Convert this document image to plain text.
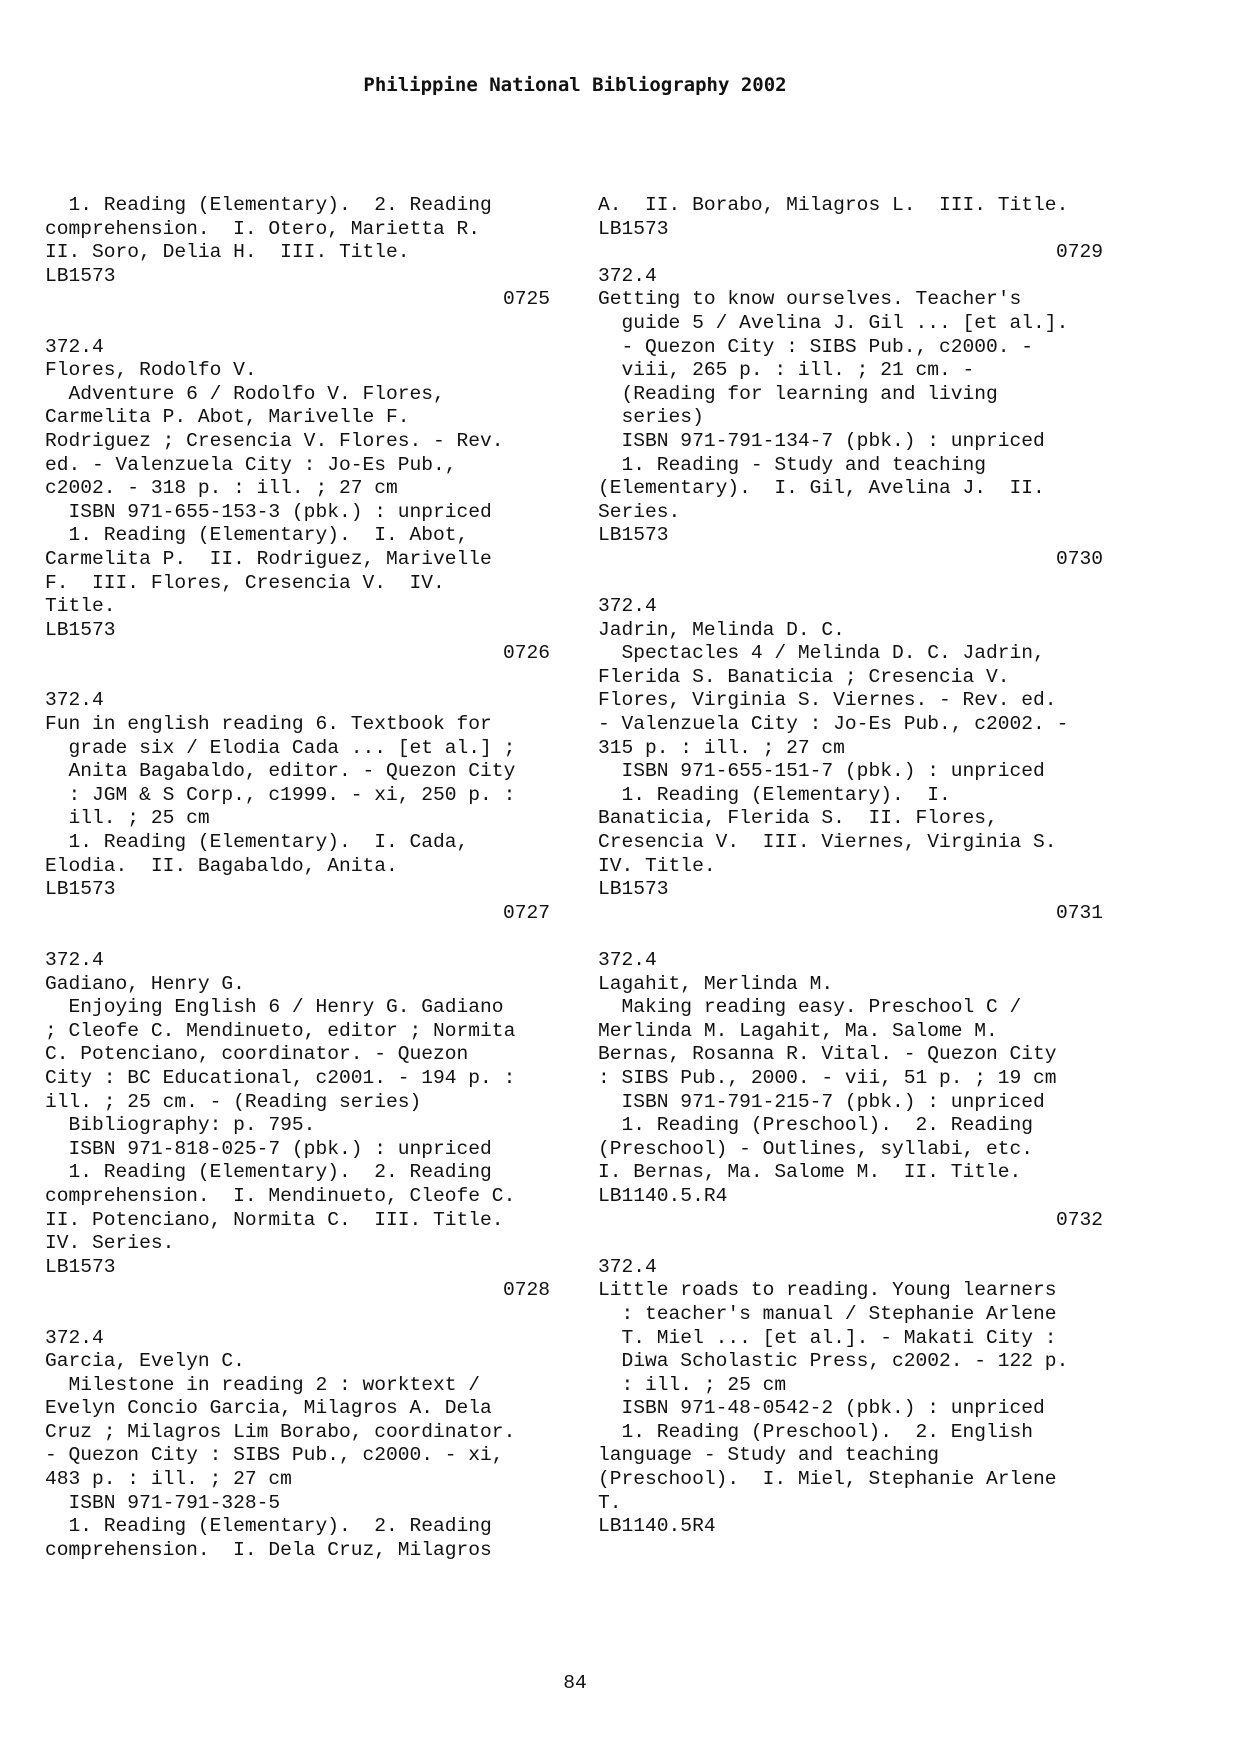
Philippine National Bibliography 2002
1. Reading (Elementary).  2. Reading
comprehension.  I. Otero, Marietta R.
II. Soro, Delia H.  III. Title.
LB1573
0725
372.4
Flores, Rodolfo V.
Adventure 6 / Rodolfo V. Flores,
Carmelita P. Abot, Marivelle F.
Rodriguez ; Cresencia V. Flores. - Rev.
ed. - Valenzuela City : Jo-Es Pub.,
c2002. - 318 p. : ill. ; 27 cm
ISBN 971-655-153-3 (pbk.) : unpriced
1. Reading (Elementary).  I. Abot,
Carmelita P.  II. Rodriguez, Marivelle
F.  III. Flores, Cresencia V.  IV.
Title.
LB1573
0726
372.4
Fun in english reading 6. Textbook for
grade six / Elodia Cada ... [et al.] ;
Anita Bagabaldo, editor. - Quezon City
: JGM & S Corp., c1999. - xi, 250 p. :
ill. ; 25 cm
1. Reading (Elementary).  I. Cada,
Elodia.  II. Bagabaldo, Anita.
LB1573
0727
372.4
Gadiano, Henry G.
Enjoying English 6 / Henry G. Gadiano
; Cleofe C. Mendinueto, editor ; Normita
C. Potenciano, coordinator. - Quezon
City : BC Educational, c2001. - 194 p. :
ill. ; 25 cm. - (Reading series)
Bibliography: p. 795.
ISBN 971-818-025-7 (pbk.) : unpriced
1. Reading (Elementary).  2. Reading
comprehension.  I. Mendinueto, Cleofe C.
II. Potenciano, Normita C.  III. Title.
IV. Series.
LB1573
0728
372.4
Garcia, Evelyn C.
Milestone in reading 2 : worktext /
Evelyn Concio Garcia, Milagros A. Dela
Cruz ; Milagros Lim Borabo, coordinator.
- Quezon City : SIBS Pub., c2000. - xi,
483 p. : ill. ; 27 cm
ISBN 971-791-328-5
1. Reading (Elementary).  2. Reading
comprehension.  I. Dela Cruz, Milagros
A.  II. Borabo, Milagros L.  III. Title.
LB1573
0729
372.4
Getting to know ourselves. Teacher's
guide 5 / Avelina J. Gil ... [et al.].
- Quezon City : SIBS Pub., c2000. -
viii, 265 p. : ill. ; 21 cm. -
(Reading for learning and living
series)
ISBN 971-791-134-7 (pbk.) : unpriced
1. Reading - Study and teaching
(Elementary).  I. Gil, Avelina J.  II.
Series.
LB1573
0730
372.4
Jadrin, Melinda D. C.
Spectacles 4 / Melinda D. C. Jadrin,
Flerida S. Banaticia ; Cresencia V.
Flores, Virginia S. Viernes. - Rev. ed.
- Valenzuela City : Jo-Es Pub., c2002. -
315 p. : ill. ; 27 cm
ISBN 971-655-151-7 (pbk.) : unpriced
1. Reading (Elementary).  I.
Banaticia, Flerida S.  II. Flores,
Cresencia V.  III. Viernes, Virginia S.
IV. Title.
LB1573
0731
372.4
Lagahit, Merlinda M.
Making reading easy. Preschool C /
Merlinda M. Lagahit, Ma. Salome M.
Bernas, Rosanna R. Vital. - Quezon City
: SIBS Pub., 2000. - vii, 51 p. ; 19 cm
ISBN 971-791-215-7 (pbk.) : unpriced
1. Reading (Preschool).  2. Reading
(Preschool) - Outlines, syllabi, etc.
I. Bernas, Ma. Salome M.  II. Title.
LB1140.5.R4
0732
372.4
Little roads to reading. Young learners
: teacher's manual / Stephanie Arlene
T. Miel ... [et al.]. - Makati City :
Diwa Scholastic Press, c2002. - 122 p.
: ill. ; 25 cm
ISBN 971-48-0542-2 (pbk.) : unpriced
1. Reading (Preschool).  2. English
language - Study and teaching
(Preschool).  I. Miel, Stephanie Arlene
T.
LB1140.5R4
84
